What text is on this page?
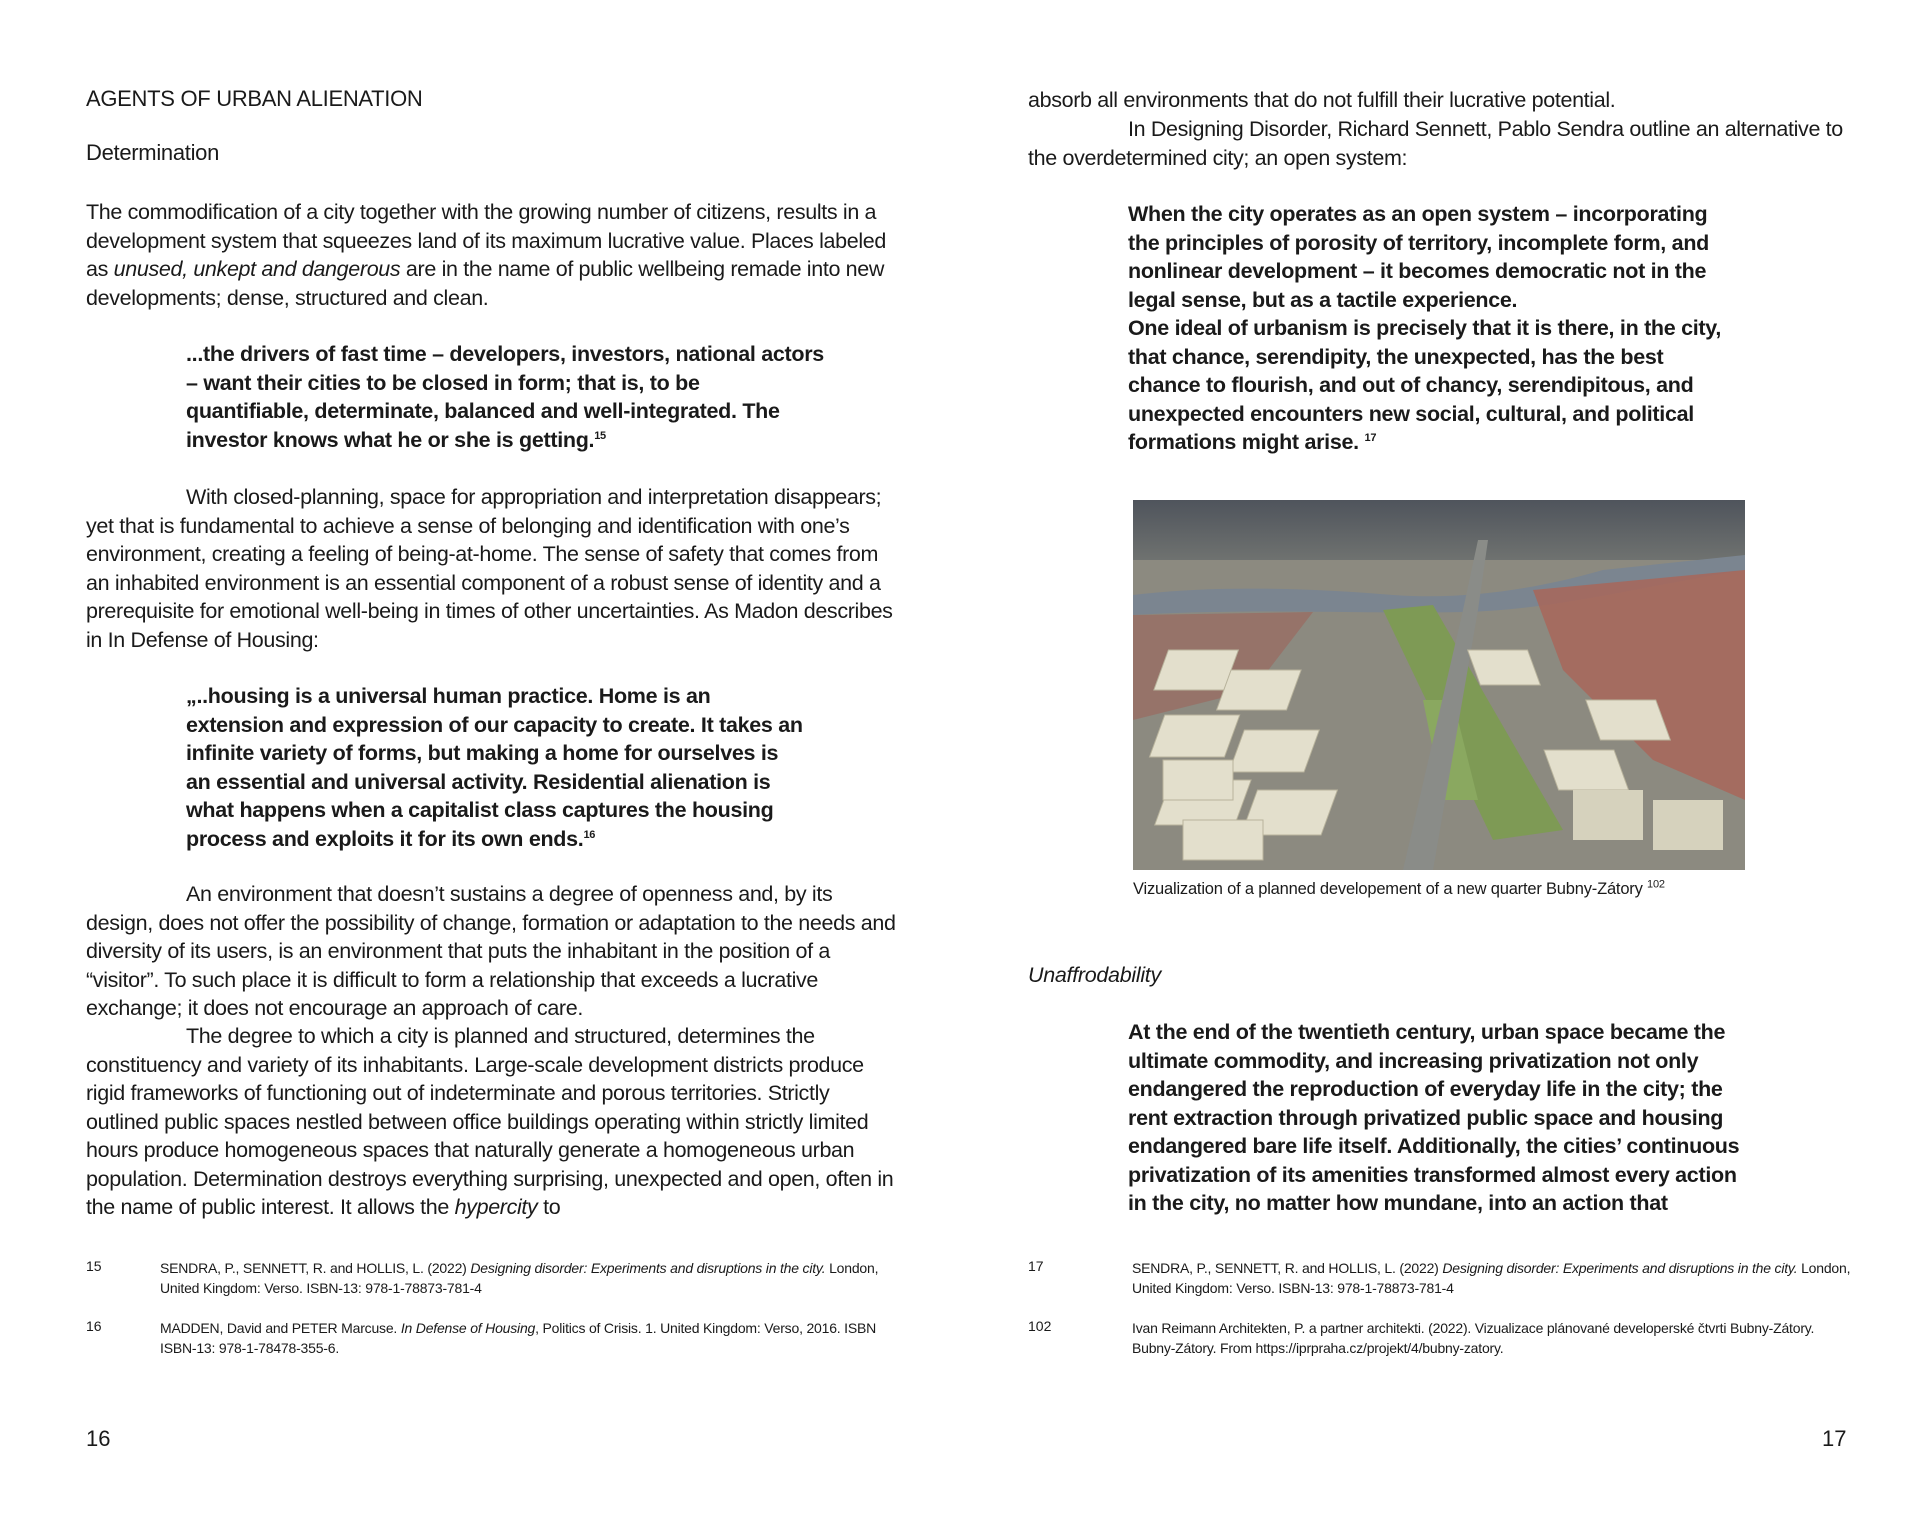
AGENTS OF URBAN ALIENATION
Determination

The commodification of a city together with the growing number of citizens, results in a development system that squeezes land of its maximum lucrative value. Places labeled as unused, unkept and dangerous are in the name of public wellbeing remade into new developments; dense, structured and clean.

...the drivers of fast time – developers, investors, national actors – want their cities to be closed in form; that is, to be quantifiable, determinate, balanced and well-integrated. The investor knows what he or she is getting.$^{15}$

With closed-planning, space for appropriation and interpretation disappears; yet that is fundamental to achieve a sense of belonging and identification with one’s environment, creating a feeling of being-at-home. The sense of safety that comes from an inhabited environment is an essential component of a robust sense of identity and a prerequisite for emotional well-being in times of other uncertainties. As Madon describes in In Defense of Housing:

„..housing is a universal human practice. Home is an extension and expression of our capacity to create. It takes an infinite variety of forms, but making a home for ourselves is an essential and universal activity. Residential alienation is what happens when a capitalist class captures the housing process and exploits it for its own ends.$^{16}$

An environment that doesn’t sustains a degree of openness and, by its design, does not offer the possibility of change, formation or adaptation to the needs and diversity of its users, is an environment that puts the inhabitant in the position of a “visitor”. To such place it is difficult to form a relationship that exceeds a lucrative exchange; it does not encourage an approach of care.

The degree to which a city is planned and structured, determines the constituency and variety of its inhabitants. Large-scale development districts produce rigid frameworks of functioning out of indeterminate and porous territories. Strictly outlined public spaces nestled between office buildings operating within strictly limited hours produce homogeneous spaces that naturally generate a homogeneous urban population. Determination destroys everything surprising, unexpected and open, often in the name of public interest. It allows the hypercity to

15	SENDRA, P., SENNETT, R. and HOLLIS, L. (2022) Designing disorder: Experiments and disruptions in the city. London, United Kingdom: Verso. ISBN-13: 978-1-78873-781-4
16	MADDEN, David and PETER Marcuse. In Defense of Housing, Politics of Crisis. 1. United Kingdom: Verso, 2016. ISBN ISBN-13: 978-1-78478-355-6.
16

absorb all environments that do not fulfill their lucrative potential.

In Designing Disorder, Richard Sennett, Pablo Sendra outline an alternative to the overdetermined city; an open system:

When the city operates as an open system – incorporating the principles of porosity of territory, incomplete form, and nonlinear development – it becomes democratic not in the legal sense, but as a tactile experience.

One ideal of urbanism is precisely that it is there, in the city, that chance, serendipity, the unexpected, has the best chance to flourish, and out of chancy, serendipitous, and unexpected encounters new social, cultural, and political formations might arise. $^{17}$

Vizualization of a planned developement of a new quarter Bubny-Zátory $^{102}$
Unaffrodability

At the end of the twentieth century, urban space became the ultimate commodity, and increasing privatization not only endangered the reproduction of everyday life in the city; the rent extraction through privatized public space and housing endangered bare life itself. Additionally, the cities’ continuous privatization of its amenities transformed almost every action in the city, no matter how mundane, into an action that

17	SENDRA, P., SENNETT, R. and HOLLIS, L. (2022) Designing disorder: Experiments and disruptions in the city. London, United Kingdom: Verso. ISBN-13: 978-1-78873-781-4
102	Ivan Reimann Architekten, P. a partner architekti. (2022). Vizualizace plánované developerské čtvrti Bubny-Zátory. Bubny-Zátory. From https://iprpraha.cz/projekt/4/bubny-zatory.
17
